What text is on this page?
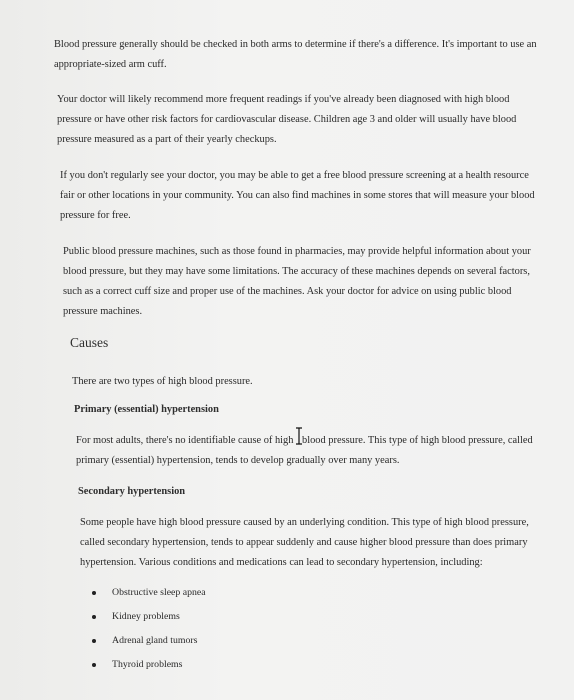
Blood pressure generally should be checked in both arms to determine if there's a difference. It's important to use an appropriate-sized arm cuff.
Your doctor will likely recommend more frequent readings if you've already been diagnosed with high blood pressure or have other risk factors for cardiovascular disease. Children age 3 and older will usually have blood pressure measured as a part of their yearly checkups.
If you don't regularly see your doctor, you may be able to get a free blood pressure screening at a health resource fair or other locations in your community. You can also find machines in some stores that will measure your blood pressure for free.
Public blood pressure machines, such as those found in pharmacies, may provide helpful information about your blood pressure, but they may have some limitations. The accuracy of these machines depends on several factors, such as a correct cuff size and proper use of the machines. Ask your doctor for advice on using public blood pressure machines.
Causes
There are two types of high blood pressure.
Primary (essential) hypertension
For most adults, there's no identifiable cause of high
blood pressure. This type of high blood pressure, called primary (essential) hypertension, tends to develop gradually over many years.
Secondary hypertension
Some people have high blood pressure caused by an underlying condition. This type of high blood pressure, called secondary hypertension, tends to appear suddenly and cause higher blood pressure than does primary hypertension. Various conditions and medications can lead to secondary hypertension, including:
Obstructive sleep apnea
Kidney problems
Adrenal gland tumors
Thyroid problems
